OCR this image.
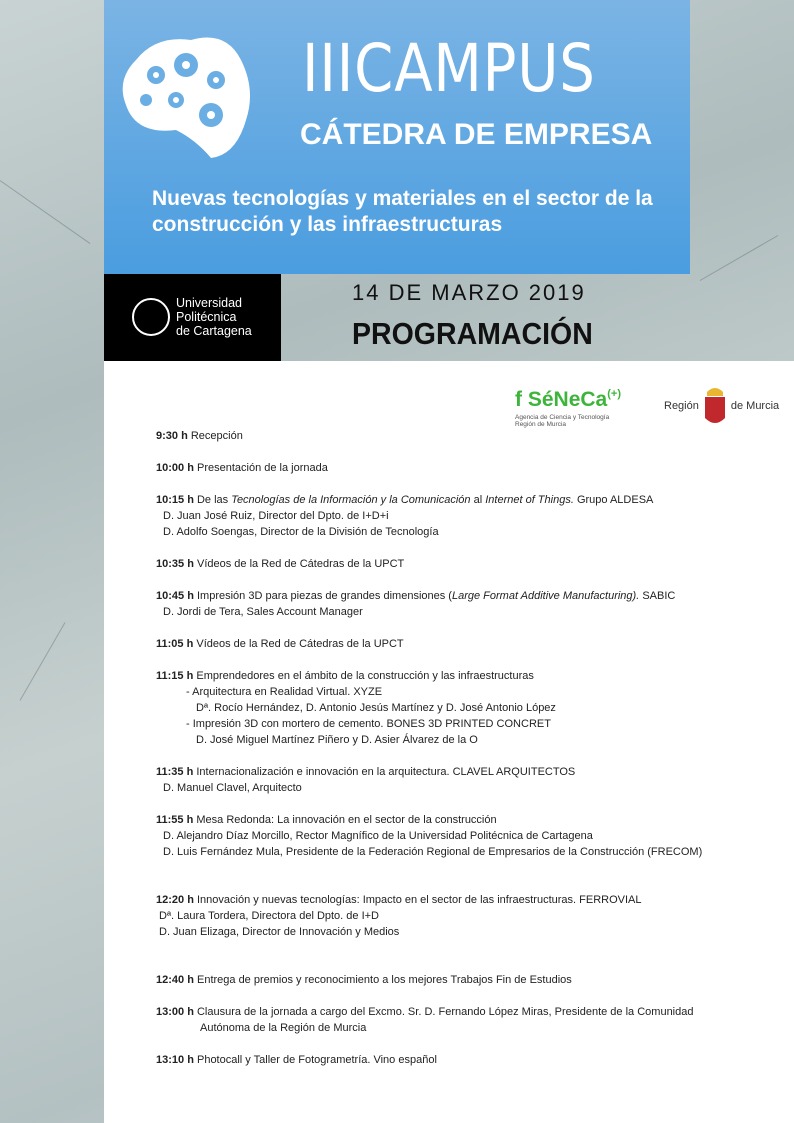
IIICAMPUS
CÁTEDRA DE EMPRESA
Nuevas tecnologías y materiales en el sector de la construcción y las infraestructuras
Universidad
Politécnica
de Cartagena
14 DE MARZO 2019
PROGRAMACIÓN
f SéNeCa(+)
Agencia de Ciencia y Tecnología
Región de Murcia
Región	de Murcia
9:30 h Recepción
10:00 h Presentación de la jornada
10:15 h De las Tecnologías de la Información y la Comunicación al Internet of Things. Grupo ALDESA
D. Juan José Ruiz, Director del Dpto. de I+D+i
D. Adolfo Soengas, Director de la División de Tecnología
10:35 h Vídeos de la Red de Cátedras de la UPCT
10:45 h Impresión 3D para piezas de grandes dimensiones (Large Format Additive Manufacturing). SABIC
D. Jordi de Tera, Sales Account Manager
11:05 h Vídeos de la Red de Cátedras de la UPCT
11:15 h Emprendedores en el ámbito de la construcción y las infraestructuras
- Arquitectura en Realidad Virtual. XYZE
Dª. Rocío Hernández, D. Antonio Jesús Martínez y D. José Antonio López
- Impresión 3D con mortero de cemento. BONES 3D PRINTED CONCRET
D. José Miguel Martínez Piñero y D. Asier Álvarez de la O
11:35 h Internacionalización e innovación en la arquitectura. CLAVEL ARQUITECTOS
D. Manuel Clavel, Arquitecto
11:55 h Mesa Redonda: La innovación en el sector de la construcción
D. Alejandro Díaz Morcillo, Rector Magnífico de la Universidad Politécnica de Cartagena
D. Luis Fernández Mula, Presidente de la Federación Regional de Empresarios de la Construcción (FRECOM)
12:20 h Innovación y nuevas tecnologías: Impacto en el sector de las infraestructuras. FERROVIAL
Dª. Laura Tordera, Directora del Dpto. de I+D
D. Juan Elizaga, Director de Innovación y Medios
12:40 h Entrega de premios y reconocimiento a los mejores Trabajos Fin de Estudios
13:00 h Clausura de la jornada a cargo del Excmo. Sr. D. Fernando López Miras, Presidente de la Comunidad
Autónoma de la Región de Murcia
13:10 h Photocall y Taller de Fotogrametría. Vino español
